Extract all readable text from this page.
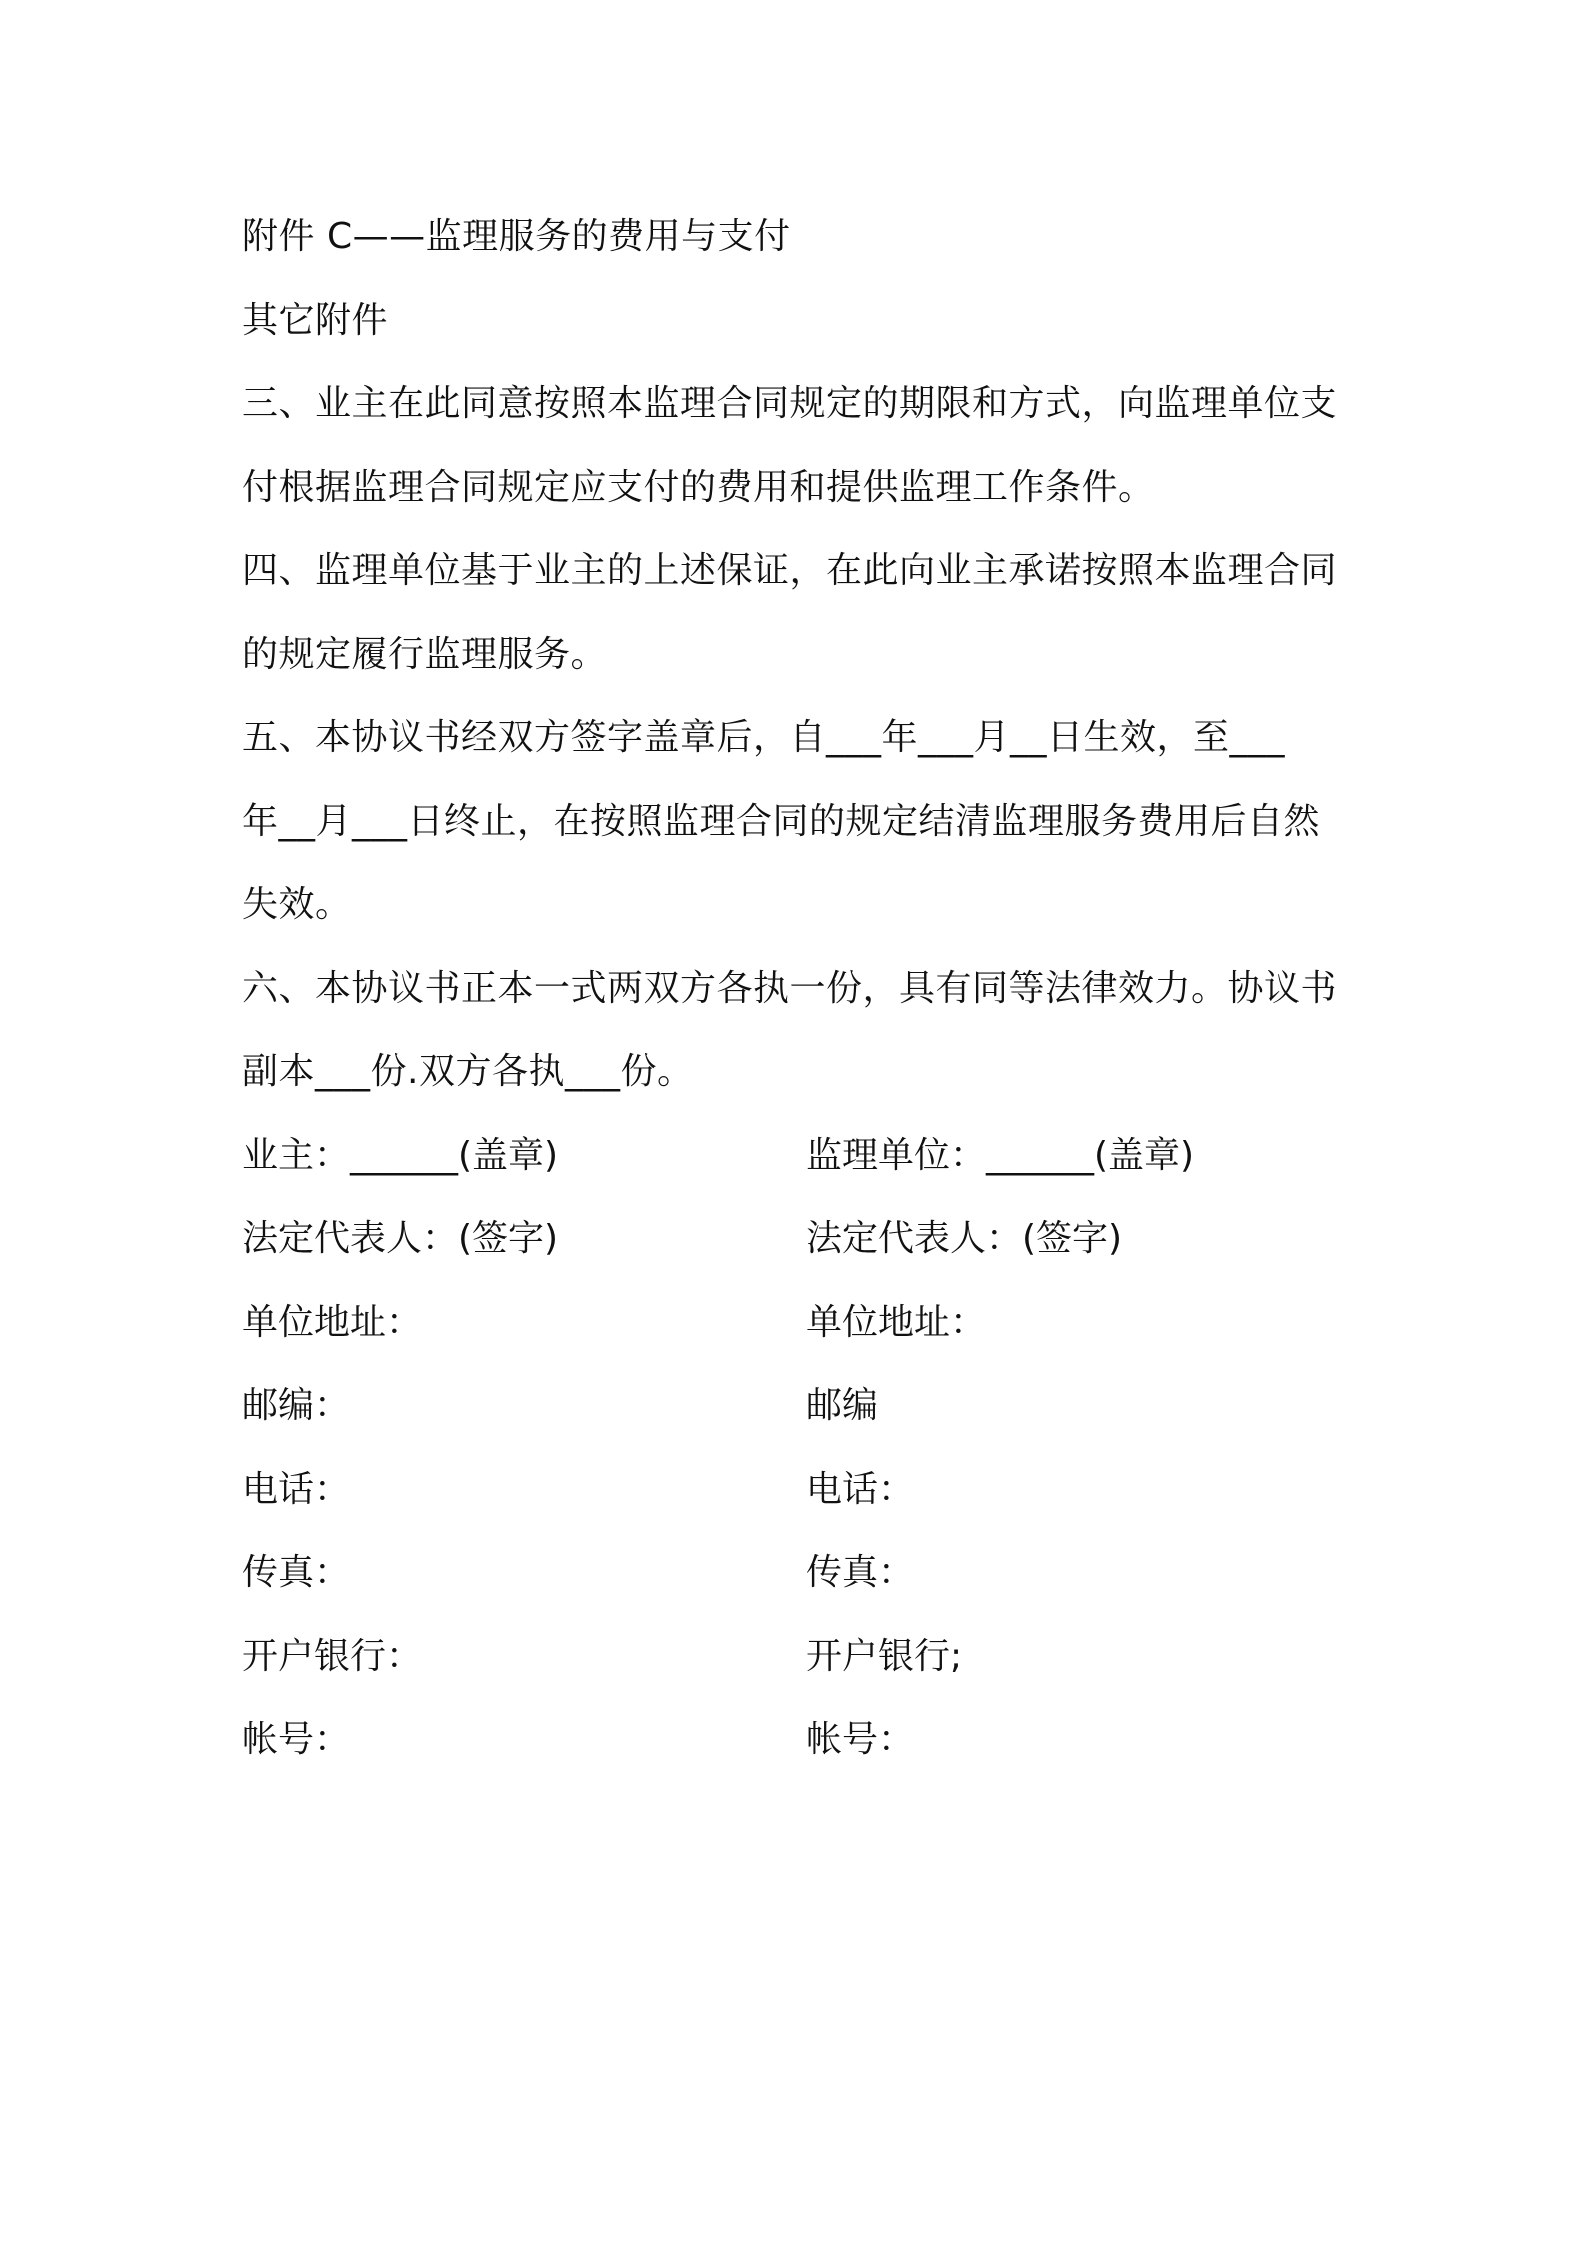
附件 C——监理服务的费用与支付
其它附件
三、业主在此同意按照本监理合同规定的期限和方式，向监理单位支
付根据监理合同规定应支付的费用和提供监理工作条件。
四、监理单位基于业主的上述保证，在此向业主承诺按照本监理合同
的规定履行监理服务。
五、本协议书经双方签字盖章后，自___年___月__日生效，至___
年__月___日终止，在按照监理合同的规定结清监理服务费用后自然
失效。
六、本协议书正本一式两双方各执一份，具有同等法律效力。协议书
副本___份.双方各执___份。
业主：______(盖章)	监理单位：______(盖章)
法定代表人：(签字)	法定代表人：(签字)
单位地址：	单位地址：
邮编：	邮编
电话：	电话：
传真：	传真：
开户银行：	开户银行;
帐号：	帐号：
